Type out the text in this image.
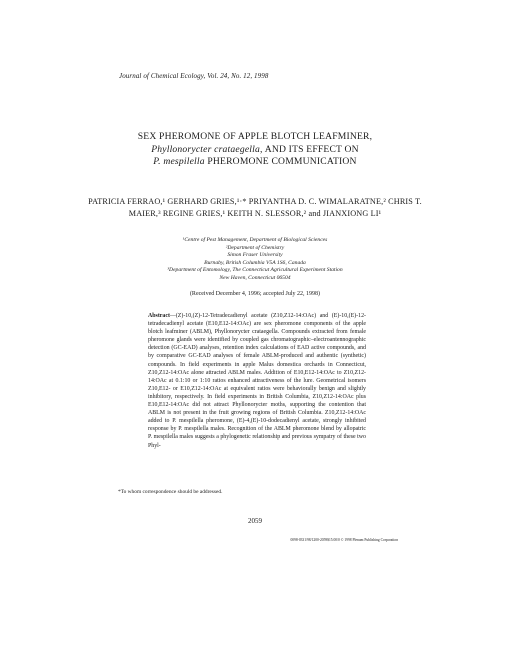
Journal of Chemical Ecology, Vol. 24, No. 12, 1998
SEX PHEROMONE OF APPLE BLOTCH LEAFMINER,
Phyllonorycter crataegella, AND ITS EFFECT ON
P. mespilella PHEROMONE COMMUNICATION
PATRICIA FERRAO,¹ GERHARD GRIES,¹·* PRIYANTHA D. C. WIMALARATNE,² CHRIS T. MAIER,³ REGINE GRIES,¹ KEITH N. SLESSOR,² and JIANXIONG LI¹
¹Centre of Pest Management, Department of Biological Sciences
²Department of Chemistry
Simon Fraser University
Burnaby, British Columbia V5A 1S6, Canada
³Department of Entomology, The Connecticut Agricultural Experiment Station
New Haven, Connecticut 06504
(Received December 4, 1996; accepted July 22, 1998)
Abstract—(Z)-10,(Z)-12-Tetradecadienyl acetate (Z10,Z12-14:OAc) and (E)-10,(E)-12-tetradecadienyl acetate (E10,E12-14:OAc) are sex pheromone components of the apple blotch leafminer (ABLM), Phyllonorycter crataegella. Compounds extracted from female pheromone glands were identified by coupled gas chromatographic–electroantennographic detection (GC-EAD) analyses, retention index calculations of EAD active compounds, and by comparative GC-EAD analyses of female ABLM-produced and authentic (synthetic) compounds. In field experiments in apple Malus domestica orchards in Connecticut, Z10,Z12-14:OAc alone attracted ABLM males. Addition of E10,E12-14:OAc to Z10,Z12-14:OAc at 0.1:10 or 1:10 ratios enhanced attractiveness of the lure. Geometrical isomers Z10,E12- or E10,Z12-14:OAc at equivalent ratios were behaviorally benign and slightly inhibitory, respectively. In field experiments in British Columbia, Z10,Z12-14:OAc plus E10,E12-14:OAc did not attract Phyllonorycter moths, supporting the contention that ABLM is not present in the fruit growing regions of British Columbia. Z10,Z12-14:OAc added to P. mespilella pheromone, (E)-4,(E)-10-dodecadienyl acetate, strongly inhibited response by P. mespilella males. Recognition of the ABLM pheromone blend by allopatric P. mespilella males suggests a phylogenetic relationship and previous sympatry of these two Phyl-
*To whom correspondence should be addressed.
2059
0098-0331/98/1200-2059$15.00/0 © 1998 Plenum Publishing Corporation
